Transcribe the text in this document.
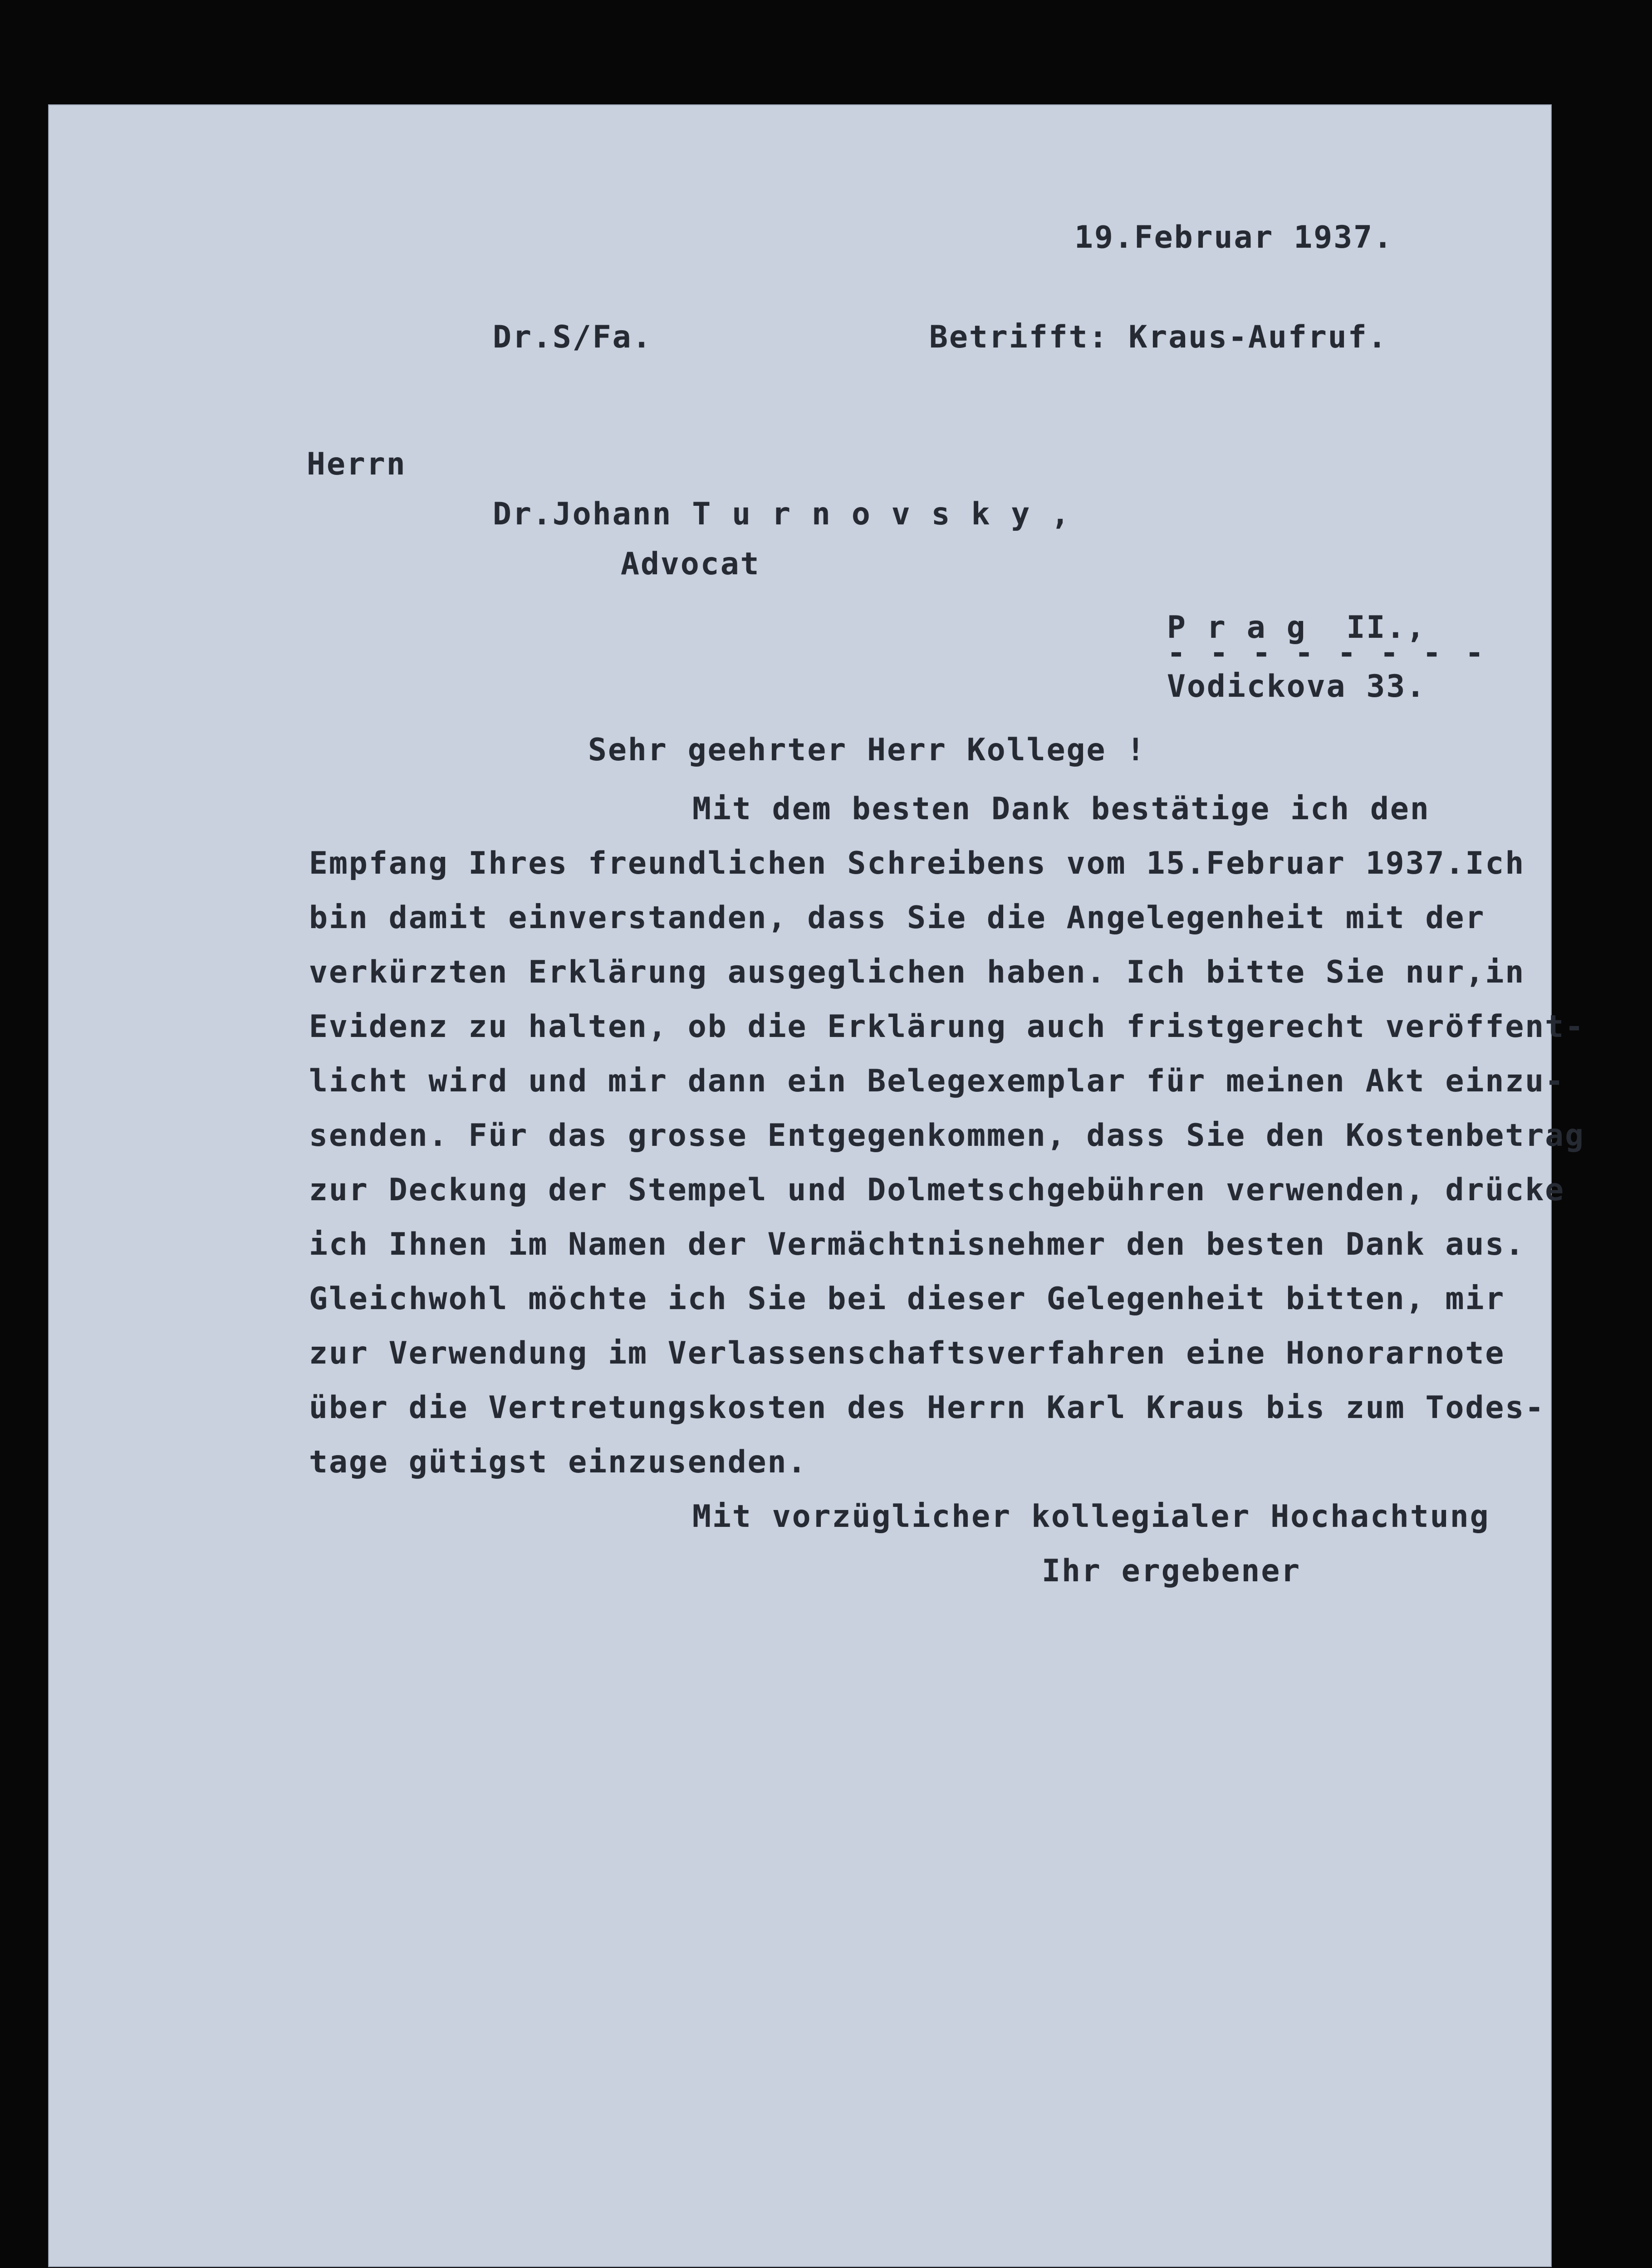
19.Februar 1937.
Dr.S/Fa.	Betrifft: Kraus-Aufruf.
Herrn
Dr.Johann T u r n o v s k y ,
Advocat
P r a g  II.,
- - - - - - - -
Vodickova 33.
Sehr geehrter Herr Kollege !
Mit dem besten Dank bestätige ich den
Empfang Ihres freundlichen Schreibens vom 15.Februar 1937.Ich
bin damit einverstanden, dass Sie die Angelegenheit mit der
verkürzten Erklärung ausgeglichen haben. Ich bitte Sie nur,in
Evidenz zu halten, ob die Erklärung auch fristgerecht veröffent-
licht wird und mir dann ein Belegexemplar für meinen Akt einzu-
senden. Für das grosse Entgegenkommen, dass Sie den Kostenbetrag
zur Deckung der Stempel und Dolmetschgebühren verwenden, drücke
ich Ihnen im Namen der Vermächtnisnehmer den besten Dank aus.
Gleichwohl möchte ich Sie bei dieser Gelegenheit bitten, mir
zur Verwendung im Verlassenschaftsverfahren eine Honorarnote
über die Vertretungskosten des Herrn Karl Kraus bis zum Todes-
tage gütigst einzusenden.
Mit vorzüglicher kollegialer Hochachtung
Ihr ergebener
